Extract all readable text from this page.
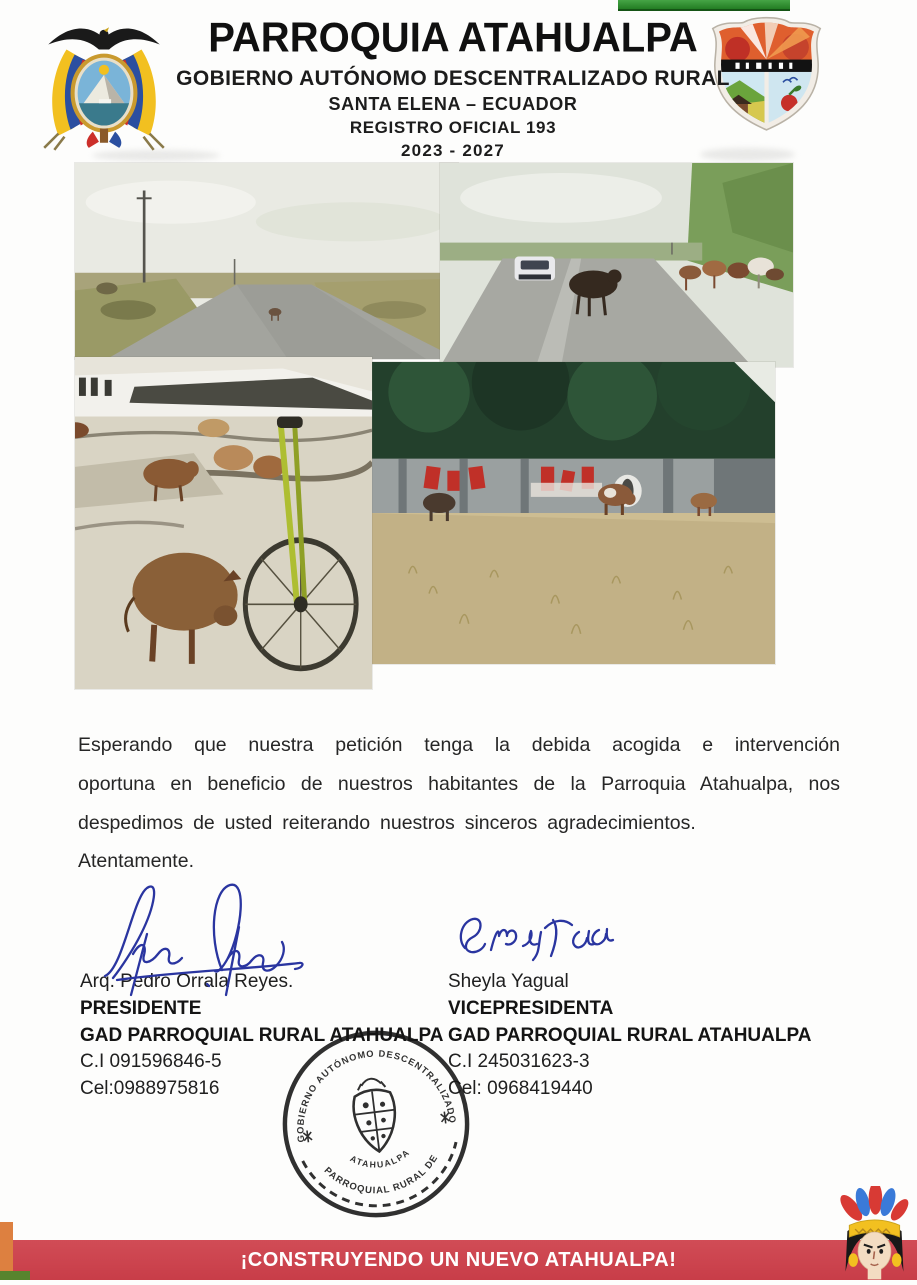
PARROQUIA ATAHUALPA
GOBIERNO AUTÓNOMO DESCENTRALIZADO RURAL
SANTA ELENA – ECUADOR
REGISTRO OFICIAL 193
2023 - 2027
Esperando que nuestra petición tenga la debida acogida e intervención
oportuna en beneficio de nuestros habitantes de la Parroquia Atahualpa, nos
despedimos de usted reiterando nuestros sinceros agradecimientos.
Atentamente.
Arq. Pedro Orrala Reyes.
PRESIDENTE
GAD PARROQUIAL RURAL ATAHUALPA
C.I 091596846-5
Cel:0988975816
Sheyla Yagual
VICEPRESIDENTA
GAD PARROQUIAL RURAL ATAHUALPA
C.I 245031623-3
Cel: 0968419440
GOBIERNO AUTÓNOMO DESCENTRALIZADO
PARROQUIAL RURAL DE
ATAHUALPA
¡CONSTRUYENDO UN NUEVO ATAHUALPA!
